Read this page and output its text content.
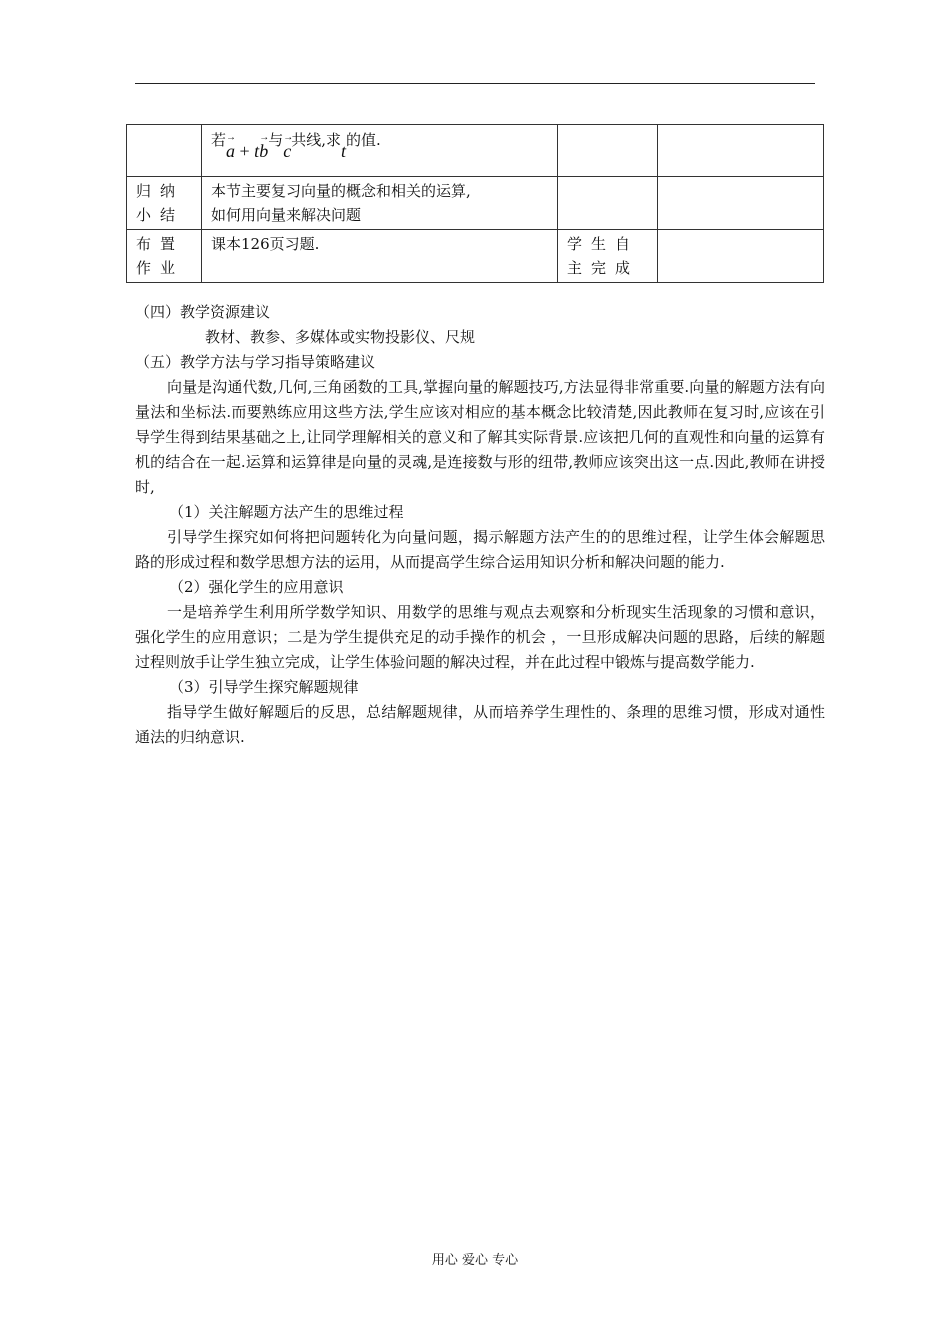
	若→ a + t→ b与→ c共线,求t的值.		
归纳小结	本节主要复习向量的概念和相关的运算,
如何用向量来解决问题		

布置作业	课本126页习题.	学生自主完成	

（四）教学资源建议

教材、教参、多媒体或实物投影仪、尺规

（五）教学方法与学习指导策略建议

向量是沟通代数,几何,三角函数的工具,掌握向量的解题技巧,方法显得非常重要.向量的解题方法有向量法和坐标法.而要熟练应用这些方法,学生应该对相应的基本概念比较清楚,因此教师在复习时,应该在引导学生得到结果基础之上,让同学理解相关的意义和了解其实际背景.应该把几何的直观性和向量的运算有机的结合在一起.运算和运算律是向量的灵魂,是连接数与形的纽带,教师应该突出这一点.因此,教师在讲授时,

（1）关注解题方法产生的思维过程

引导学生探究如何将把问题转化为向量问题，揭示解题方法产生的的思维过程，让学生体会解题思路的形成过程和数学思想方法的运用，从而提高学生综合运用知识分析和解决问题的能力.

（2）强化学生的应用意识

一是培养学生利用所学数学知识、用数学的思维与观点去观察和分析现实生活现象的习惯和意识，强化学生的应用意识；二是为学生提供充足的动手操作的机会 ，一旦形成解决问题的思路，后续的解题过程则放手让学生独立完成，让学生体验问题的解决过程，并在此过程中锻炼与提高数学能力.

（3）引导学生探究解题规律

指导学生做好解题后的反思，总结解题规律，从而培养学生理性的、条理的思维习惯，形成对通性通法的归纳意识.

用心 爱心 专心
